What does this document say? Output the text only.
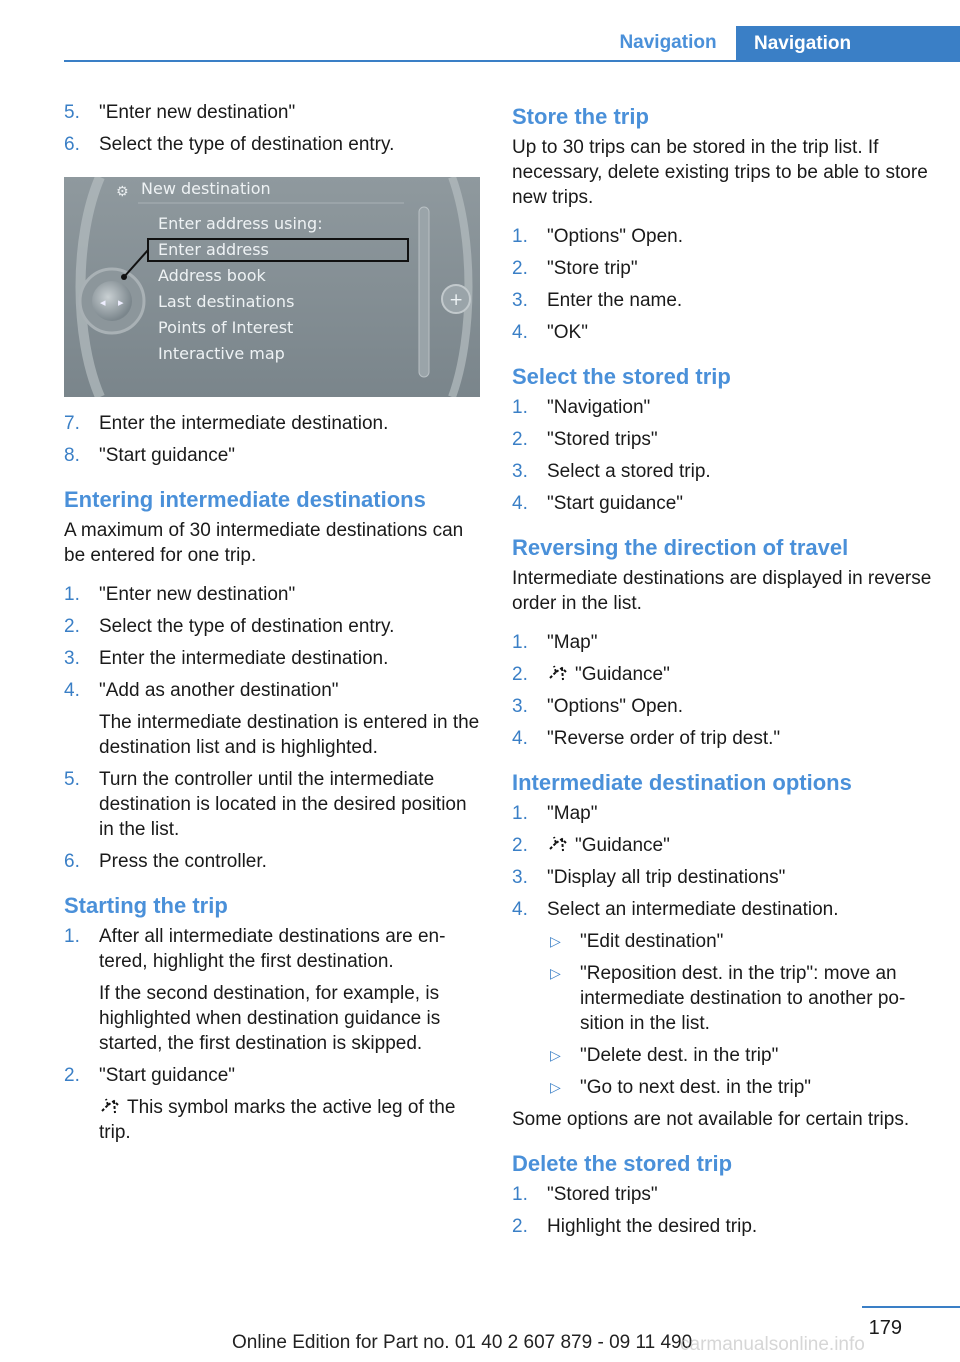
Navigation	Navigation
5. "Enter new destination"
6. Select the type of destination entry.
◂ ▸	+
⚙ New destination
Enter address using:
Enter address
Address book
Last destinations
Points of Interest
Interactive map
7. Enter the intermediate destination.
8. "Start guidance"
Entering intermediate destinations
A maximum of 30 intermediate destinations can be entered for one trip.
1. "Enter new destination"
2. Select the type of destination entry.
3. Enter the intermediate destination.
4. "Add as another destination"
The intermediate destination is entered in the destination list and is highlighted.
5. Turn the controller until the intermediate destination is located in the desired position in the list.
6. Press the controller.
Starting the trip
1. After all intermediate destinations are entered, highlight the first destination.
If the second destination, for example, is highlighted when destination guidance is started, the first destination is skipped.
2. "Start guidance"
This symbol marks the active leg of the trip.
Store the trip
Up to 30 trips can be stored in the trip list. If necessary, delete existing trips to be able to store new trips.
1. "Options" Open.
2. "Store trip"
3. Enter the name.
4. "OK"
Select the stored trip
1. "Navigation"
2. "Stored trips"
3. Select a stored trip.
4. "Start guidance"
Reversing the direction of travel
Intermediate destinations are displayed in reverse order in the list.
1. "Map"
2. "Guidance"
3. "Options" Open.
4. "Reverse order of trip dest."
Intermediate destination options
1. "Map"
2. "Guidance"
3. "Display all trip destinations"
4. Select an intermediate destination.
▷ "Edit destination"
▷ "Reposition dest. in the trip": move an intermediate destination to another position in the list.
▷ "Delete dest. in the trip"
▷ "Go to next dest. in the trip"
Some options are not available for certain trips.
Delete the stored trip
1. "Stored trips"
2. Highlight the desired trip.
179
Online Edition for Part no. 01 40 2 607 879 - 09 11 490
carmanualsonline.info
